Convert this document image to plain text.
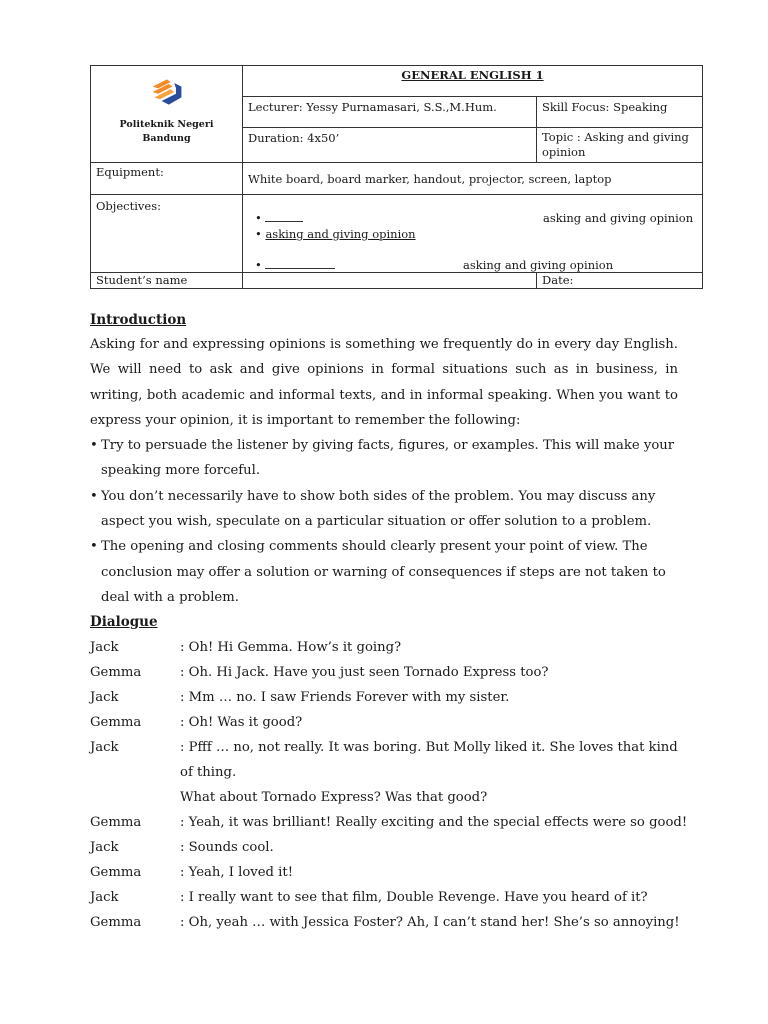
Politeknik Negeri Bandung	GENERAL ENGLISH 1	
	Lecturer: Yessy Purnamasari, S.S.,M.Hum.	Skill Focus: Speaking
	Duration: 4x50’	Topic : Asking and giving
opinion
Equipment:	White board, board marker, handout, projector, screen, laptop	
Objectives:	• asking and giving opinion
• asking and giving opinion
• asking and giving opinion	

Student’s name		Date:
Introduction
Asking for and expressing opinions is something we frequently do in every day English. We will need to ask and give opinions in formal situations such as in business, in writing, both academic and informal texts, and in informal speaking. When you want to express your opinion, it is important to remember the following:
• Try to persuade the listener by giving facts, figures, or examples. This will make your speaking more forceful.
• You don’t necessarily have to show both sides of the problem. You may discuss any aspect you wish, speculate on a particular situation or offer solution to a problem.
• The opening and closing comments should clearly present your point of view. The conclusion may offer a solution or warning of consequences if steps are not taken to deal with a problem.
Dialogue
Jack	: Oh! Hi Gemma. How’s it going?
Gemma	: Oh. Hi Jack. Have you just seen Tornado Express too?
Jack	: Mm … no. I saw Friends Forever with my sister.
Gemma	: Oh! Was it good?
Jack	: Pfff … no, not really. It was boring. But Molly liked it. She loves that kind of thing.
What about Tornado Express? Was that good?
Gemma	: Yeah, it was brilliant! Really exciting and the special effects were so good!
Jack	: Sounds cool.
Gemma	: Yeah, I loved it!
Jack	: I really want to see that film, Double Revenge. Have you heard of it?
Gemma	: Oh, yeah … with Jessica Foster? Ah, I can’t stand her! She’s so annoying!
